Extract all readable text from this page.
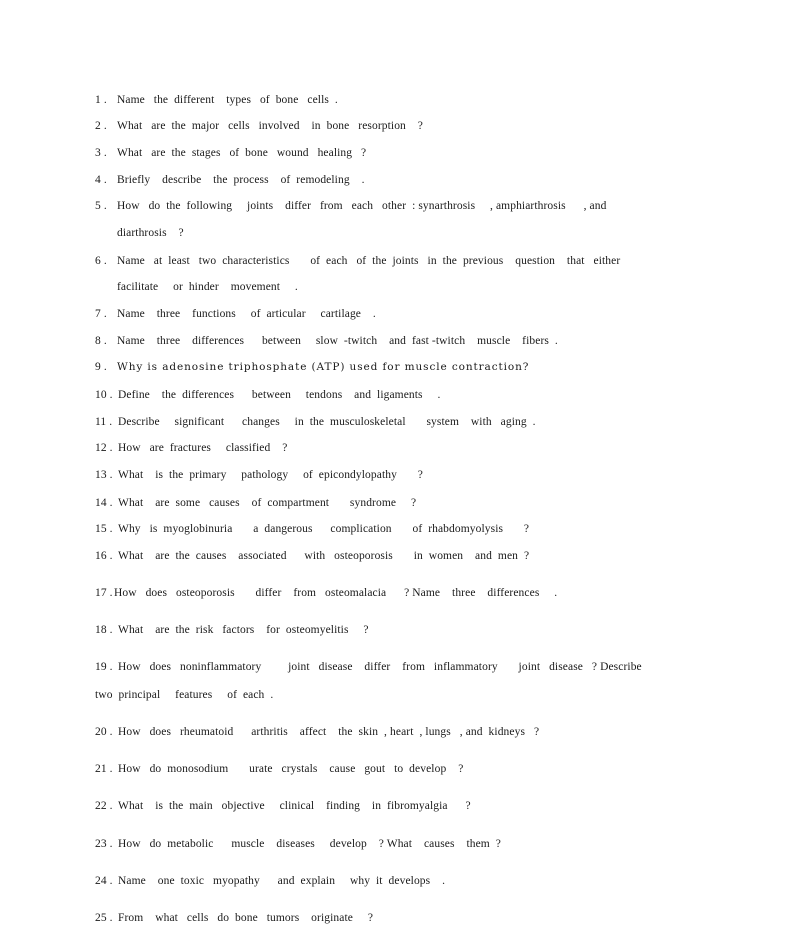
1 . Name   the  different    types   of  bone   cells  .
2 . What   are  the  major   cells   involved    in  bone   resorption    ?
3 . What   are  the  stages   of  bone   wound   healing   ?
4 . Briefly    describe    the  process    of  remodeling    .
5 . How   do  the  following     joints    differ   from   each   other  : synarthrosis     , amphiarthrosis      , and
diarthrosis    ?
6 . Name   at  least   two  characteristics       of  each   of  the  joints   in  the  previous    question    that   either
facilitate     or  hinder    movement     .
7 . Name    three    functions     of  articular     cartilage    .
8 . Name    three    differences      between     slow  -twitch    and  fast -twitch    muscle    fibers  .
9 . Why is adenosine triphosphate (ATP) used for muscle contraction?
10 . Define    the  differences      between     tendons    and  ligaments     .
11 . Describe     significant      changes     in  the  musculoskeletal       system    with   aging  .
12 . How   are  fractures     classified    ?
13 . What    is  the  primary     pathology     of  epicondylopathy       ?
14 . What    are  some   causes    of  compartment       syndrome     ?
15 . Why   is  myoglobinuria       a  dangerous      complication       of  rhabdomyolysis       ?
16 . What    are  the  causes    associated      with   osteoporosis       in  women    and  men  ?
17 . How   does   osteoporosis       differ    from   osteomalacia      ? Name    three    differences     .
18 . What    are  the  risk   factors    for  osteomyelitis     ?
19 . How   does   noninflammatory         joint   disease    differ    from   inflammatory       joint   disease   ? Describe
two  principal     features     of  each  .
20 . How   does   rheumatoid      arthritis    affect    the  skin  , heart  , lungs   , and  kidneys   ?
21 . How   do  monosodium       urate   crystals    cause   gout   to  develop    ?
22 . What    is  the  main   objective     clinical    finding    in  fibromyalgia      ?
23 . How   do  metabolic      muscle    diseases     develop    ? What    causes    them  ?
24 . Name    one  toxic   myopathy      and  explain     why  it  develops    .
25 . From    what   cells   do  bone   tumors    originate     ?
